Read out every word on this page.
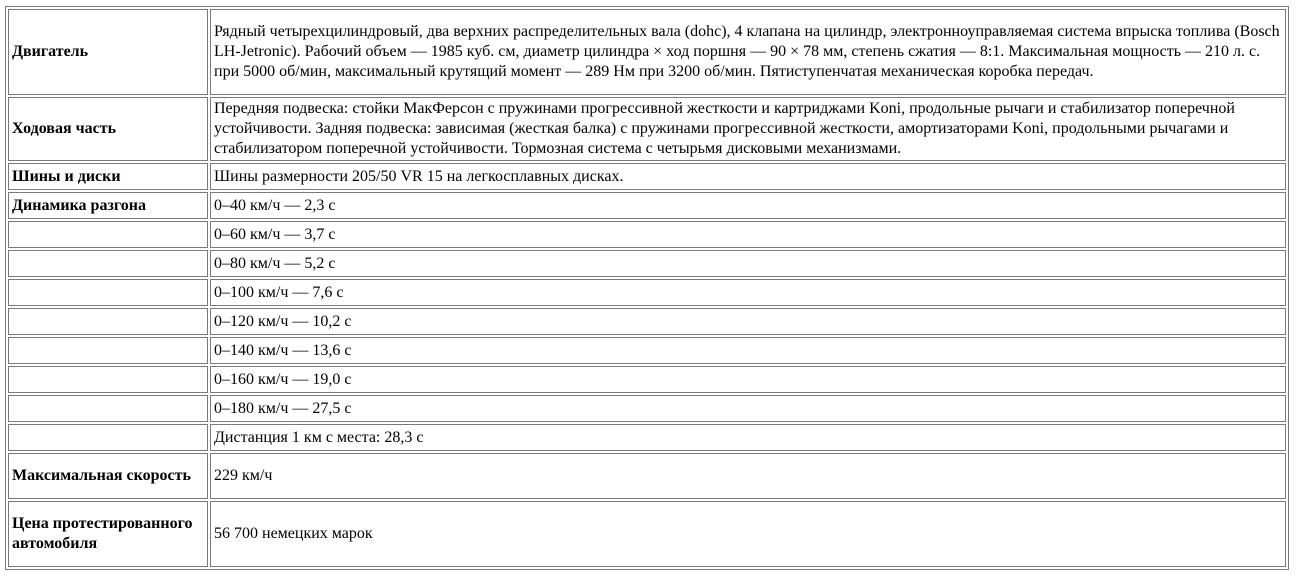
Двигатель	Рядный четырехцилиндровый, два верхних распределительных вала (dohc), 4 клапана на цилиндр, электронноуправляемая система впрыска топлива (Bosch LH-Jetronic). Рабочий объем — 1985 куб. см, диаметр цилиндра × ход поршня — 90 × 78 мм, степень сжатия — 8:1. Максимальная мощность — 210 л. с. при 5000 об/мин, максимальный крутящий момент — 289 Нм при 3200 об/мин. Пятиступенчатая механическая коробка передач.
Ходовая часть	Передняя подвеска: стойки МакФерсон с пружинами прогрессивной жесткости и картриджами Koni, продольные рычаги и стабилизатор поперечной устойчивости. Задняя подвеска: зависимая (жесткая балка) с пружинами прогрессивной жесткости, амортизаторами Koni, продольными рычагами и стабилизатором поперечной устойчивости. Тормозная система с четырьмя дисковыми механизмами.
Шины и диски	Шины размерности 205/50 VR 15 на легкосплавных дисках.
Динамика разгона	0–40 км/ч — 2,3 с
	0–60 км/ч — 3,7 с
	0–80 км/ч — 5,2 с
	0–100 км/ч — 7,6 с
	0–120 км/ч — 10,2 с
	0–140 км/ч — 13,6 с
	0–160 км/ч — 19,0 с
	0–180 км/ч — 27,5 с
	Дистанция 1 км с места: 28,3 с
Максимальная скорость	229 км/ч
Цена протестированного автомобиля	56 700 немецких марок
